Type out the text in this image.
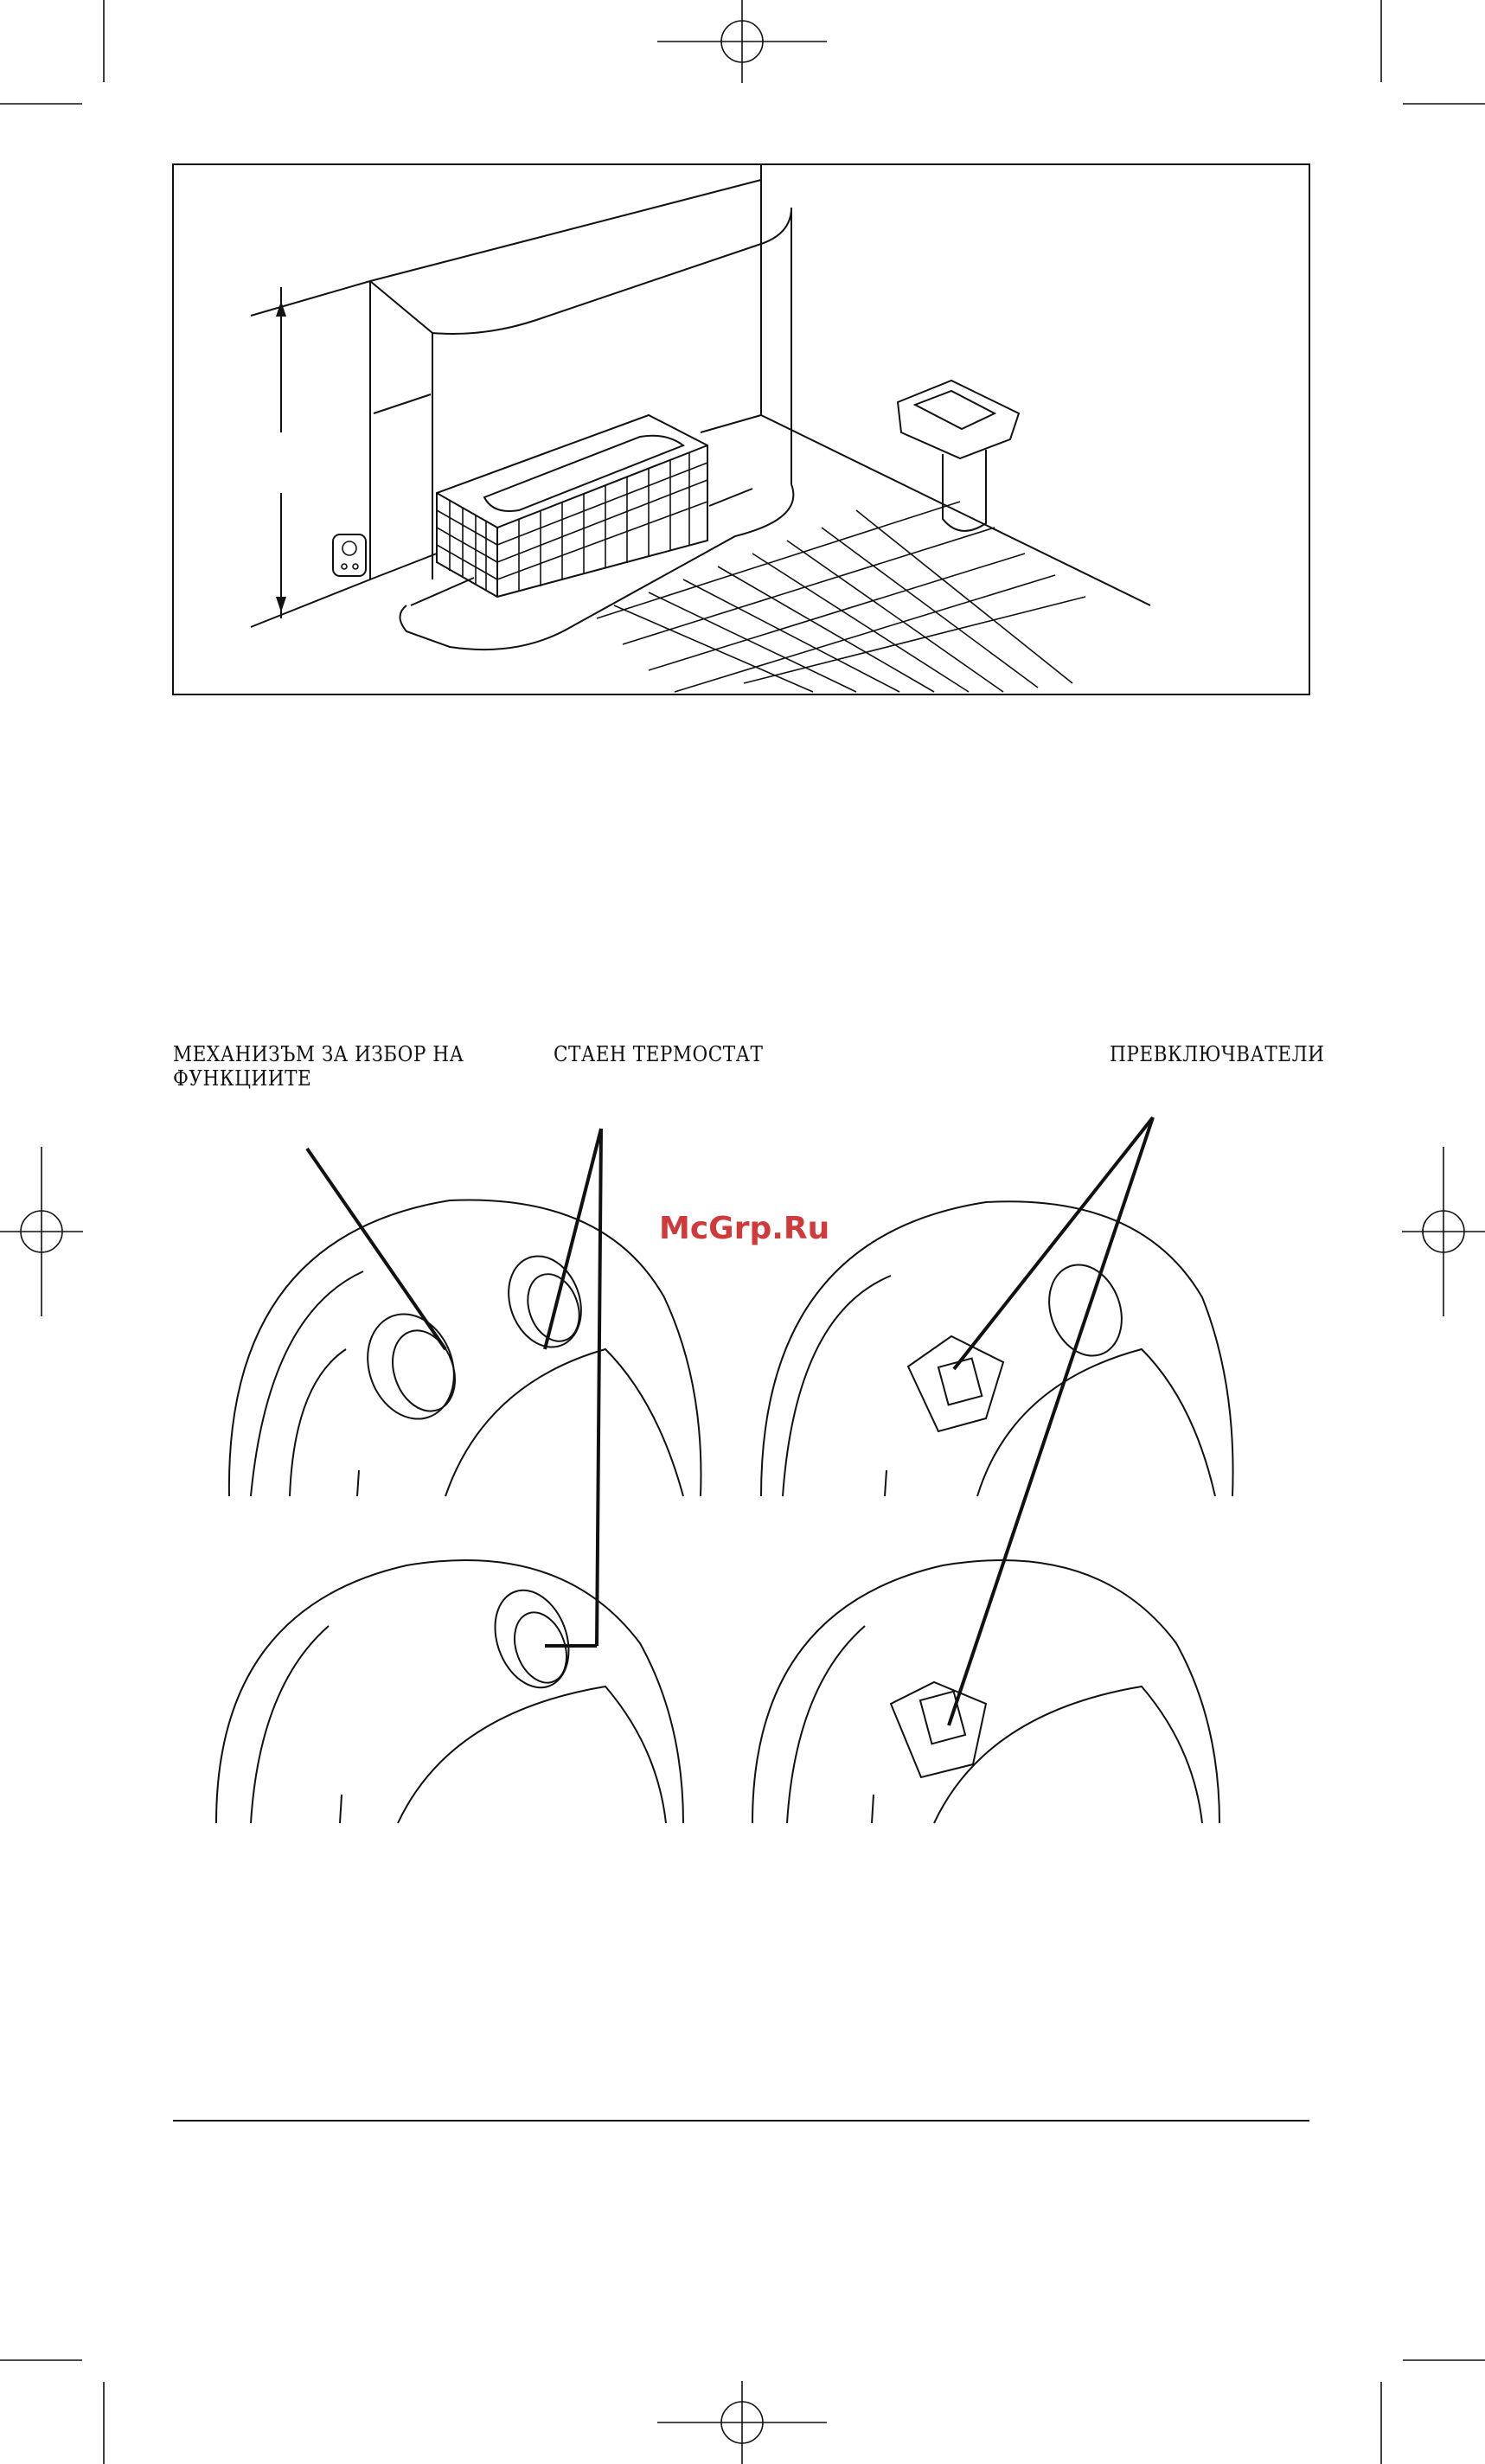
МЕХАНИЗЪМ ЗА ИЗБОР НА
ФУНКЦИИТЕ
СТАЕН ТЕРМОСТАТ	ПРЕВКЛЮЧВАТЕЛИ
McGrp.Ru
